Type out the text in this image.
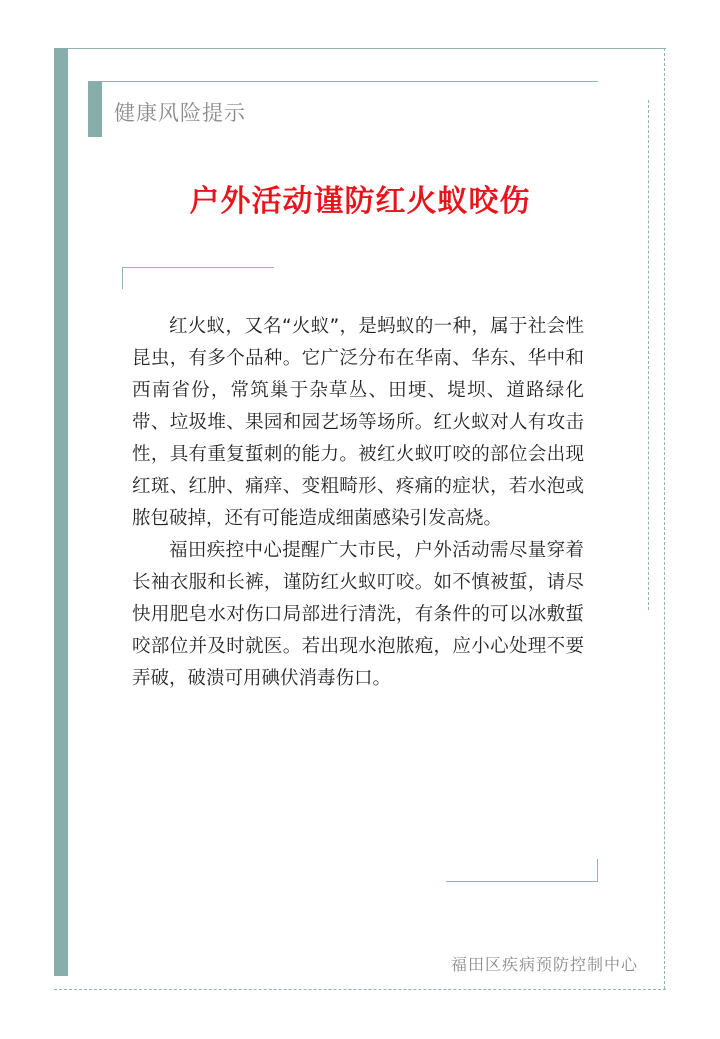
健康风险提示
户外活动谨防红火蚁咬伤

红火蚁，又名“火蚁”，是蚂蚁的一种，属于社会性昆虫，有多个品种。它广泛分布在华南、华东、华中和西南省份，常筑巢于杂草丛、田埂、堤坝、道路绿化带、垃圾堆、果园和园艺场等场所。红火蚁对人有攻击性，具有重复蜇刺的能力。被红火蚁叮咬的部位会出现红斑、红肿、痛痒、变粗畸形、疼痛的症状，若水泡或脓包破掉，还有可能造成细菌感染引发高烧。

福田疾控中心提醒广大市民，户外活动需尽量穿着长袖衣服和长裤，谨防红火蚁叮咬。如不慎被蜇，请尽快用肥皂水对伤口局部进行清洗，有条件的可以冰敷蜇咬部位并及时就医。若出现水泡脓疱，应小心处理不要弄破，破溃可用碘伏消毒伤口。

福田区疾病预防控制中心
